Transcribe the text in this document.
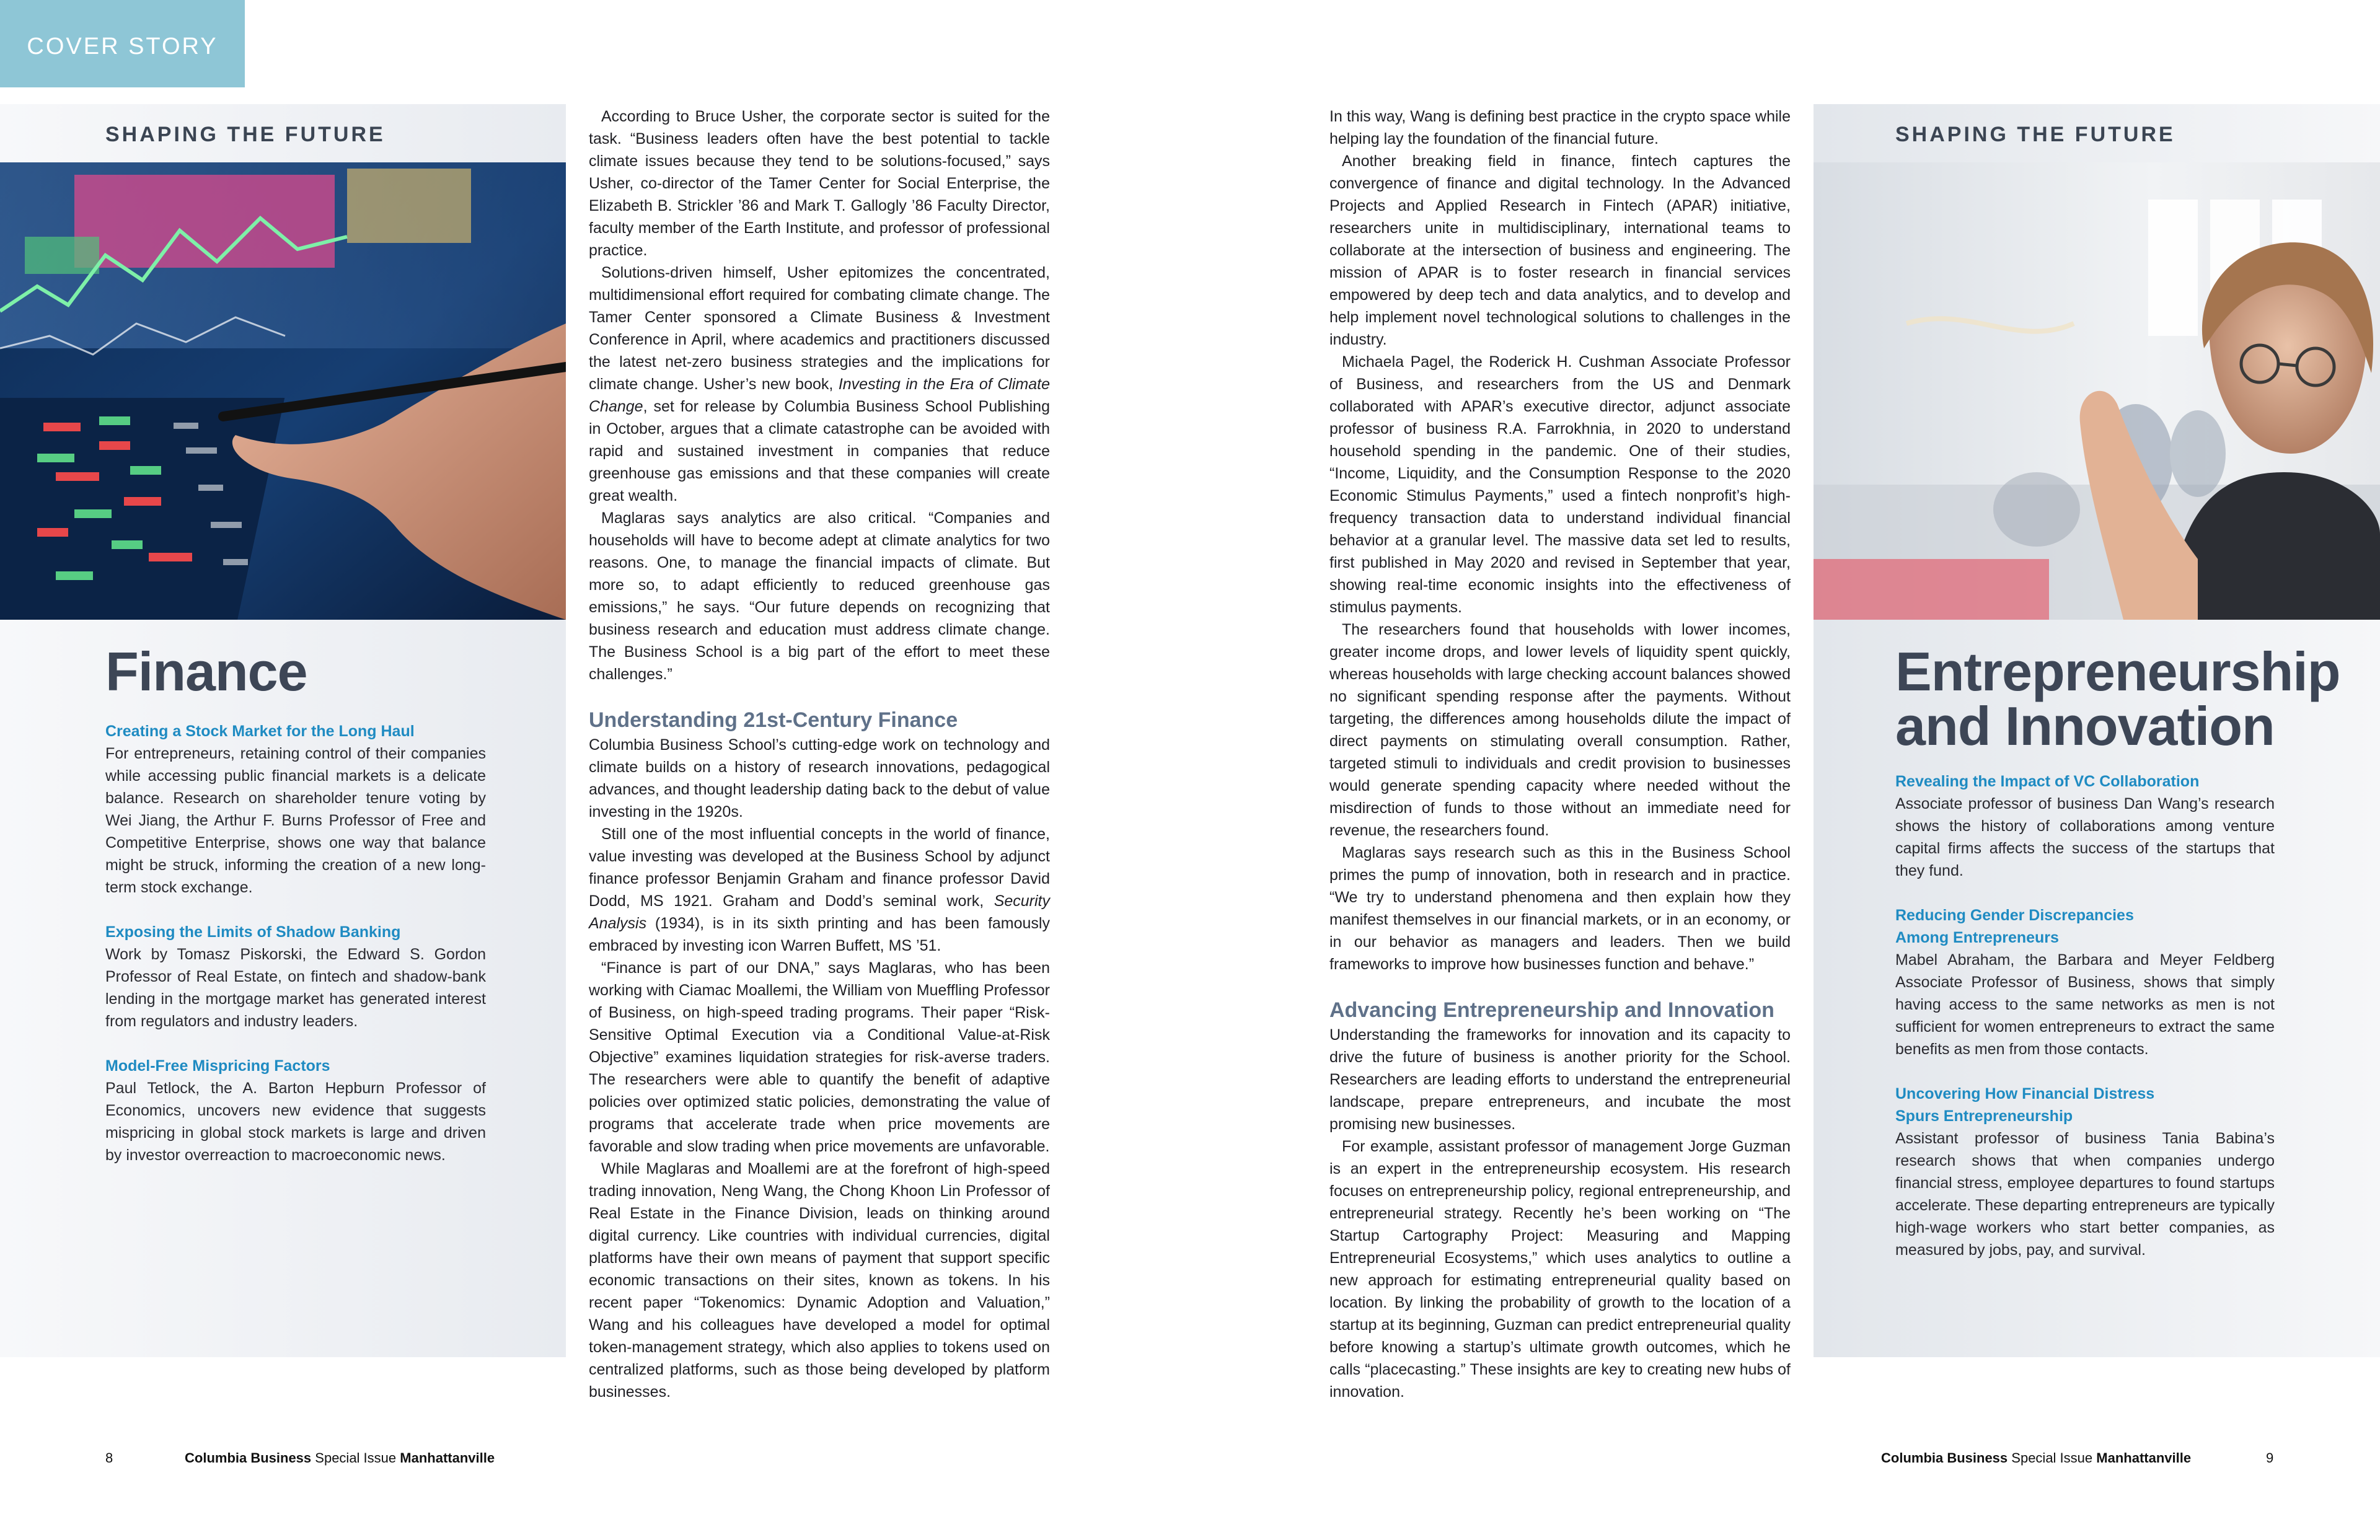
COVER STORY
SHAPING THE FUTURE
Finance
Creating a Stock Market for the Long Haul
For entrepreneurs, retaining control of their companies while accessing public financial markets is a delicate balance. Research on shareholder tenure voting by Wei Jiang, the Arthur F. Burns Professor of Free and Competitive Enterprise, shows one way that balance might be struck, informing the creation of a new long-term stock exchange.
Exposing the Limits of Shadow Banking
Work by Tomasz Piskorski, the Edward S. Gordon Professor of Real Estate, on fintech and shadow-bank lending in the mortgage market has generated interest from regulators and industry leaders.
Model-Free Mispricing Factors
Paul Tetlock, the A. Barton Hepburn Professor of Economics, uncovers new evidence that suggests mispricing in global stock markets is large and driven by investor overreaction to macroeconomic news.

According to Bruce Usher, the corporate sector is suited for the task. “Business leaders often have the best potential to tackle climate issues because they tend to be solutions-focused,” says Usher, co-director of the Tamer Center for Social Enterprise, the Elizabeth B. Strickler ’86 and Mark T. Gallogly ’86 Faculty Director, faculty member of the Earth Institute, and professor of professional practice.

Solutions-driven himself, Usher epitomizes the concentrated, multidimensional effort required for combating climate change. The Tamer Center sponsored a Climate Business & Investment Conference in April, where academics and practitioners discussed the latest net-zero business strategies and the implications for climate change. Usher’s new book, Investing in the Era of Climate Change, set for release by Columbia Business School Publishing in October, argues that a climate catastrophe can be avoided with rapid and sustained investment in companies that reduce greenhouse gas emissions and that these companies will create great wealth.

Maglaras says analytics are also critical. “Companies and households will have to become adept at climate analytics for two reasons. One, to manage the financial impacts of climate. But more so, to adapt efficiently to reduced greenhouse gas emissions,” he says. “Our future depends on recognizing that business research and education must address climate change. The Business School is a big part of the effort to meet these challenges.”

Understanding 21st-Century Finance

Columbia Business School’s cutting-edge work on technology and climate builds on a history of research innovations, pedagogical advances, and thought leadership dating back to the debut of value investing in the 1920s.

Still one of the most influential concepts in the world of finance, value investing was developed at the Business School by adjunct finance professor Benjamin Graham and finance professor David Dodd, MS 1921. Graham and Dodd’s seminal work, Security Analysis (1934), is in its sixth printing and has been famously embraced by investing icon Warren Buffett, MS ’51.

“Finance is part of our DNA,” says Maglaras, who has been working with Ciamac Moallemi, the William von Mueffling Professor of Business, on high-speed trading programs. Their paper “Risk-Sensitive Optimal Execution via a Conditional Value-at-Risk Objective” examines liquidation strategies for risk-averse traders. The researchers were able to quantify the benefit of adaptive policies over optimized static policies, demonstrating the value of programs that accelerate trade when price movements are favorable and slow trading when price movements are unfavorable.

While Maglaras and Moallemi are at the forefront of high-speed trading innovation, Neng Wang, the Chong Khoon Lin Professor of Real Estate in the Finance Division, leads on thinking around digital currency. Like countries with individual currencies, digital platforms have their own means of payment that support specific economic transactions on their sites, known as tokens. In his recent paper “Tokenomics: Dynamic Adoption and Valuation,” Wang and his colleagues have developed a model for optimal token-management strategy, which also applies to tokens used on centralized platforms, such as those being developed by platform businesses.

In this way, Wang is defining best practice in the crypto space while helping lay the foundation of the financial future.

Another breaking field in finance, fintech captures the convergence of finance and digital technology. In the Advanced Projects and Applied Research in Fintech (APAR) initiative, researchers unite in multidisciplinary, international teams to collaborate at the intersection of business and engineering. The mission of APAR is to foster research in financial services empowered by deep tech and data analytics, and to develop and help implement novel technological solutions to challenges in the industry.

Michaela Pagel, the Roderick H. Cushman Associate Professor of Business, and researchers from the US and Denmark collaborated with APAR’s executive director, adjunct associate professor of business R.A. Farrokhnia, in 2020 to understand household spending in the pandemic. One of their studies, “Income, Liquidity, and the Consumption Response to the 2020 Economic Stimulus Payments,” used a fintech nonprofit’s high-frequency transaction data to understand individual financial behavior at a granular level. The massive data set led to results, first published in May 2020 and revised in September that year, showing real-time economic insights into the effectiveness of stimulus payments.

The researchers found that households with lower incomes, greater income drops, and lower levels of liquidity spent quickly, whereas households with large checking account balances showed no significant spending response after the payments. Without targeting, the differences among households dilute the impact of direct payments on stimulating overall consumption. Rather, targeted stimuli to individuals and credit provision to businesses would generate spending capacity where needed without the misdirection of funds to those without an immediate need for revenue, the researchers found.

Maglaras says research such as this in the Business School primes the pump of innovation, both in research and in practice. “We try to understand phenomena and then explain how they manifest themselves in our financial markets, or in an economy, or in our behavior as managers and leaders. Then we build frameworks to improve how businesses function and behave.”

Advancing Entrepreneurship and Innovation

Understanding the frameworks for innovation and its capacity to drive the future of business is another priority for the School. Researchers are leading efforts to understand the entrepreneurial landscape, prepare entrepreneurs, and incubate the most promising new businesses.

For example, assistant professor of management Jorge Guzman is an expert in the entrepreneurship ecosystem. His research focuses on entrepreneurship policy, regional entrepreneurship, and entrepreneurial strategy. Recently he’s been working on “The Startup Cartography Project: Measuring and Mapping Entrepreneurial Ecosystems,” which uses analytics to outline a new approach for estimating entrepreneurial quality based on location. By linking the probability of growth to the location of a startup at its beginning, Guzman can predict entrepreneurial quality before knowing a startup’s ultimate growth outcomes, which he calls “placecasting.” These insights are key to creating new hubs of innovation.

SHAPING THE FUTURE
Entrepreneurship
and Innovation
Revealing the Impact of VC Collaboration
Associate professor of business Dan Wang’s research shows the history of collaborations among venture capital firms affects the success of the startups that they fund.
Reducing Gender Discrepancies Among Entrepreneurs
Mabel Abraham, the Barbara and Meyer Feldberg Associate Professor of Business, shows that simply having access to the same networks as men is not sufficient for women entrepreneurs to extract the same benefits as men from those contacts.
Uncovering How Financial Distress Spurs Entrepreneurship
Assistant professor of business Tania Babina’s research shows that when companies undergo financial stress, employee departures to found startups accelerate. These departing entrepreneurs are typically high-wage workers who start better companies, as measured by jobs, pay, and survival.
8	Columbia Business Special Issue Manhattanville	Columbia Business Special Issue Manhattanville	9
